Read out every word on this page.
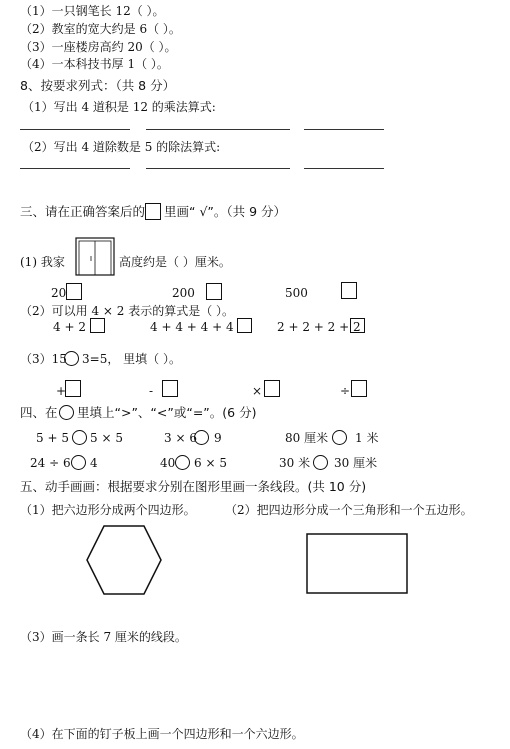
（1）一只钢笔长 12（ ）。
（2）教室的宽大约是 6（ ）。
（3）一座楼房高约 20（ ）。
（4）一本科技书厚 1（ ）。
8、按要求列式：（共 8 分）
（1）写出 4 道积是 12 的乘法算式:
（2）写出 4 道除数是 5 的除法算式:
三、请在正确答案后的 里画“ √”。（共 9 分）
(1) 我家	高度约是（ ）厘米。
20	200	500
（2）可以用 4 × 2 表示的算式是（ ）。
4 + 2	4 + 4 + 4 + 4	2 + 2 + 2 + 2
（3）15 3=5， 里填（ ）。
+	-	×	÷
四、在 里填上“>”、“<”或“=”。(6 分)
5 + 5 5 × 5	3 × 6 9	80 厘米 1 米
24 ÷ 6 4	40 6 × 5	30 米 30 厘米
五、动手画画：根据要求分别在图形里画一条线段。(共 10 分)
（1）把六边形分成两个四边形。 （2）把四边形分成一个三角形和一个五边形。
（3）画一条长 7 厘米的线段。
（4）在下面的钉子板上画一个四边形和一个六边形。
